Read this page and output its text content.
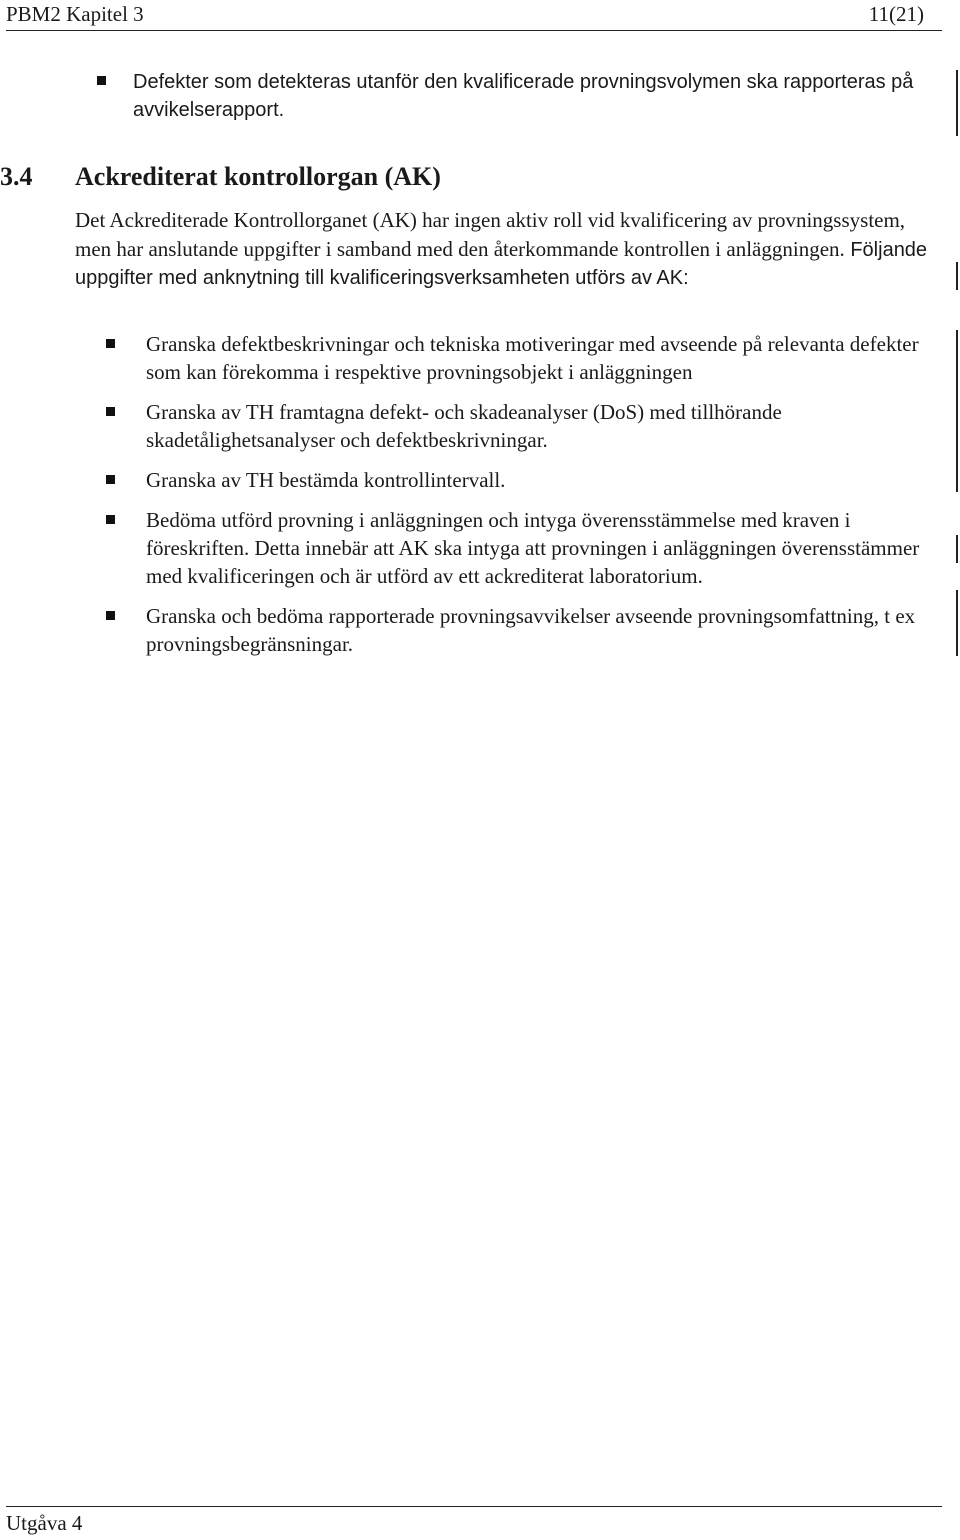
PBM2 Kapitel 3	11(21)
Defekter som detekteras utanför den kvalificerade provningsvolymen ska rapporteras på avvikelserapport.
3.4 Ackrediterat kontrollorgan (AK)

Det Ackrediterade Kontrollorganet (AK) har ingen aktiv roll vid kvalificering av provningssystem, men har anslutande uppgifter i samband med den återkommande kontrollen i anläggningen. Följande uppgifter med anknytning till kvalificeringsverksamheten utförs av AK:

Granska defektbeskrivningar och tekniska motiveringar med avseende på relevanta defekter som kan förekomma i respektive provningsobjekt i anläggningen
Granska av TH framtagna defekt- och skadeanalyser (DoS) med tillhörande skadetålighetsanalyser och defektbeskrivningar.
Granska av TH bestämda kontrollintervall.
Bedöma utförd provning i anläggningen och intyga överensstämmelse med kraven i föreskriften. Detta innebär att AK ska intyga att provningen i anläggningen överensstämmer med kvalificeringen och är utförd av ett ackrediterat laboratorium.
Granska och bedöma rapporterade provningsavvikelser avseende provningsomfattning, t ex provningsbegränsningar.
Utgåva 4
